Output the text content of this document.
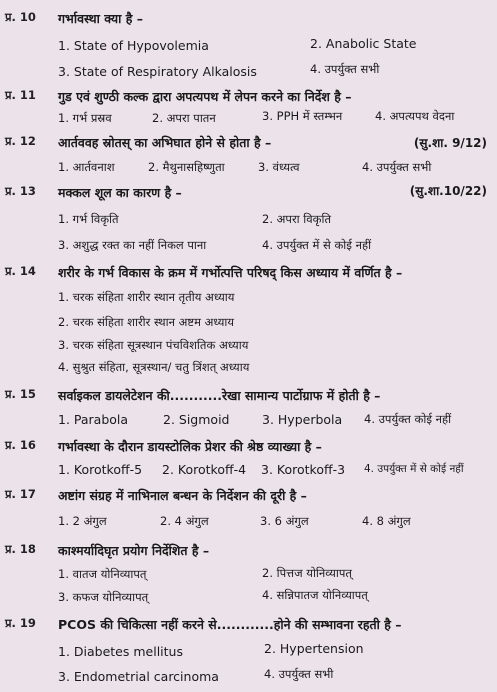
प्र. 10 गर्भावस्था क्या है –
1. State of Hypovolemia	2. Anabolic State
3. State of Respiratory Alkalosis	4. उपर्युक्त सभी
प्र. 11 गुड एवं शुण्ठी कल्क द्वारा अपत्यपथ में लेपन करने का निर्देश है –
1. गर्भ प्रस्रव	2. अपरा पातन	3. PPH में स्तम्भन	4. अपत्यपथ वेदना
प्र. 12 आर्तववह स्रोतस् का अभिघात होने से होता है –	(सु.शा. 9/12)
1. आर्तवनाश	2. मैथुनासहिष्णुता	3. वंध्यत्व	4. उपर्युक्त सभी
प्र. 13 मक्कल शूल का कारण है –	(सु.शा.10/22)
1. गर्भ विकृति	2. अपरा विकृति
3. अशुद्ध रक्त का नहीं निकल पाना	4. उपर्युक्त में से कोई नहीं
प्र. 14 शरीर के गर्भ विकास के क्रम में गर्भोत्पत्ति परिषद् किस अध्याय में वर्णित है –
1. चरक संहिता शारीर स्थान तृतीय अध्याय
2. चरक संहिता शारीर स्थान अष्टम अध्याय
3. चरक संहिता सूत्रस्थान पंचविशतिक अध्याय
4. सुश्रुत संहिता, सूत्रस्थान/ चतु त्रिंशत् अध्याय
प्र. 15 सर्वाइकल डायलेटेशन की...........रेखा सामान्य पार्टोग्राफ में होती है –
1. Parabola	2. Sigmoid	3. Hyperbola 4. उपर्युक्त कोई नहीं
प्र. 16 गर्भावस्था के दौरान डायस्टोलिक प्रेशर की श्रेष्ठ व्याख्या है –
1. Korotkoff-5 2. Korotkoff-4 3. Korotkoff-3 4. उपर्युक्त में से कोई नहीं
प्र. 17 अष्टांग संग्रह में नाभिनाल बन्धन के निर्देशन की दूरी है –
1. 2 अंगुल	2. 4 अंगुल	3. 6 अंगुल	4. 8 अंगुल
प्र. 18 काश्मर्यादिघृत प्रयोग निर्देशित है –
1. वातज योनिव्यापत्	2. पित्तज योनिव्यापत्
3. कफज योनिव्यापत्	4. सन्निपातज योनिव्यापत्
प्र. 19 PCOS की चिकित्सा नहीं करने से............होने की सम्भावना रहती है –
1. Diabetes mellitus	2. Hypertension
3. Endometrial carcinoma	4. उपर्युक्त सभी
